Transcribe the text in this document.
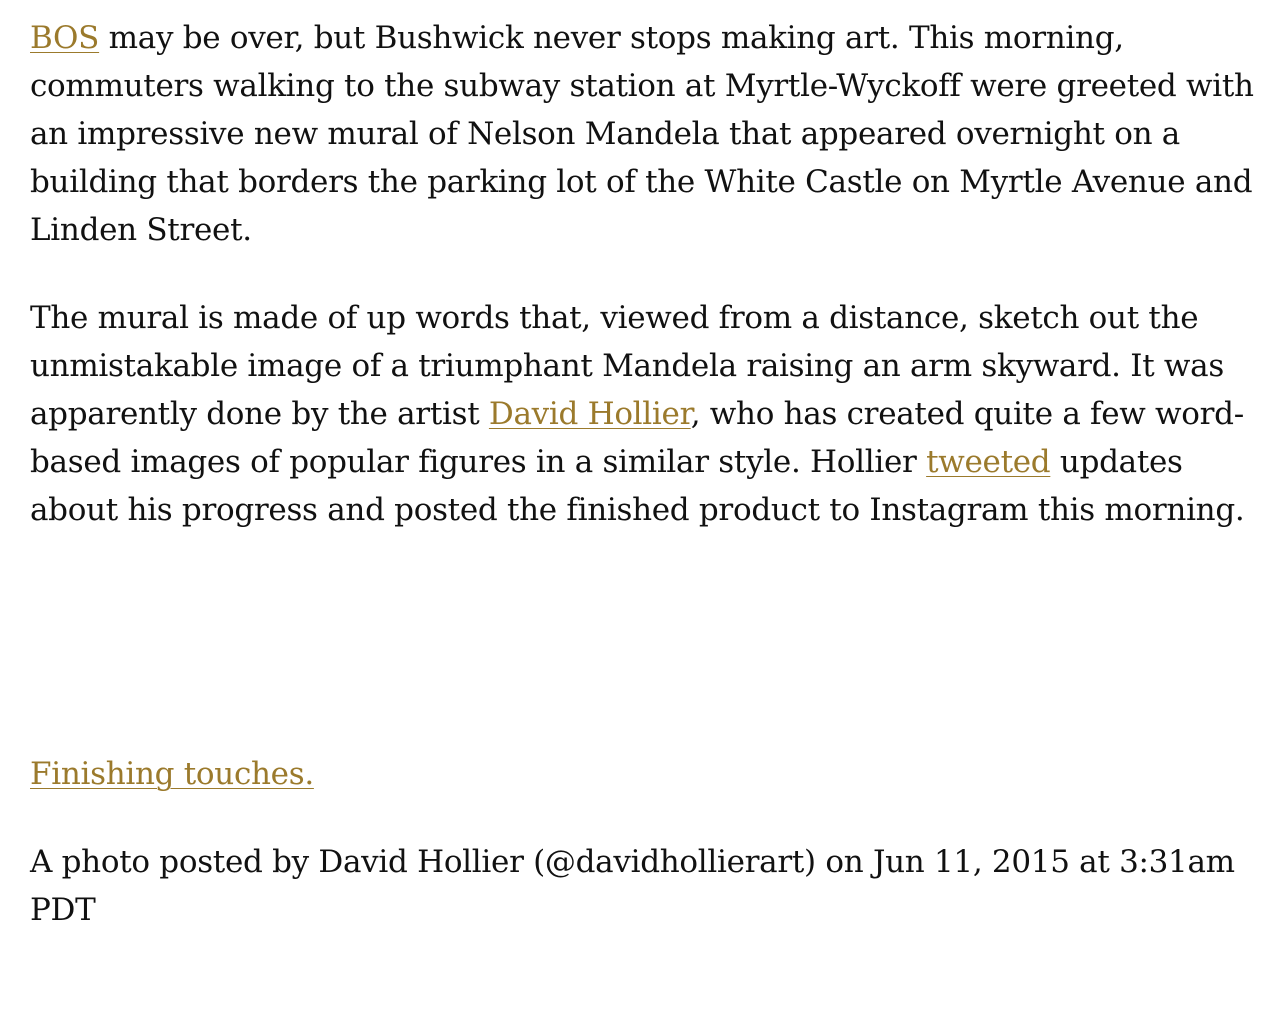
BOS may be over, but Bushwick never stops making art. This morning, commuters walking to the subway station at Myrtle-Wyckoff were greeted with an impressive new mural of Nelson Mandela that appeared overnight on a building that borders the parking lot of the White Castle on Myrtle Avenue and Linden Street.

The mural is made of up words that, viewed from a distance, sketch out the unmistakable image of a triumphant Mandela raising an arm skyward. It was apparently done by the artist David Hollier, who has created quite a few word-based images of popular figures in a similar style. Hollier tweeted updates about his progress and posted the finished product to Instagram this morning.

Finishing touches.

A photo posted by David Hollier (@davidhollierart) on Jun 11, 2015 at 3:31am PDT
